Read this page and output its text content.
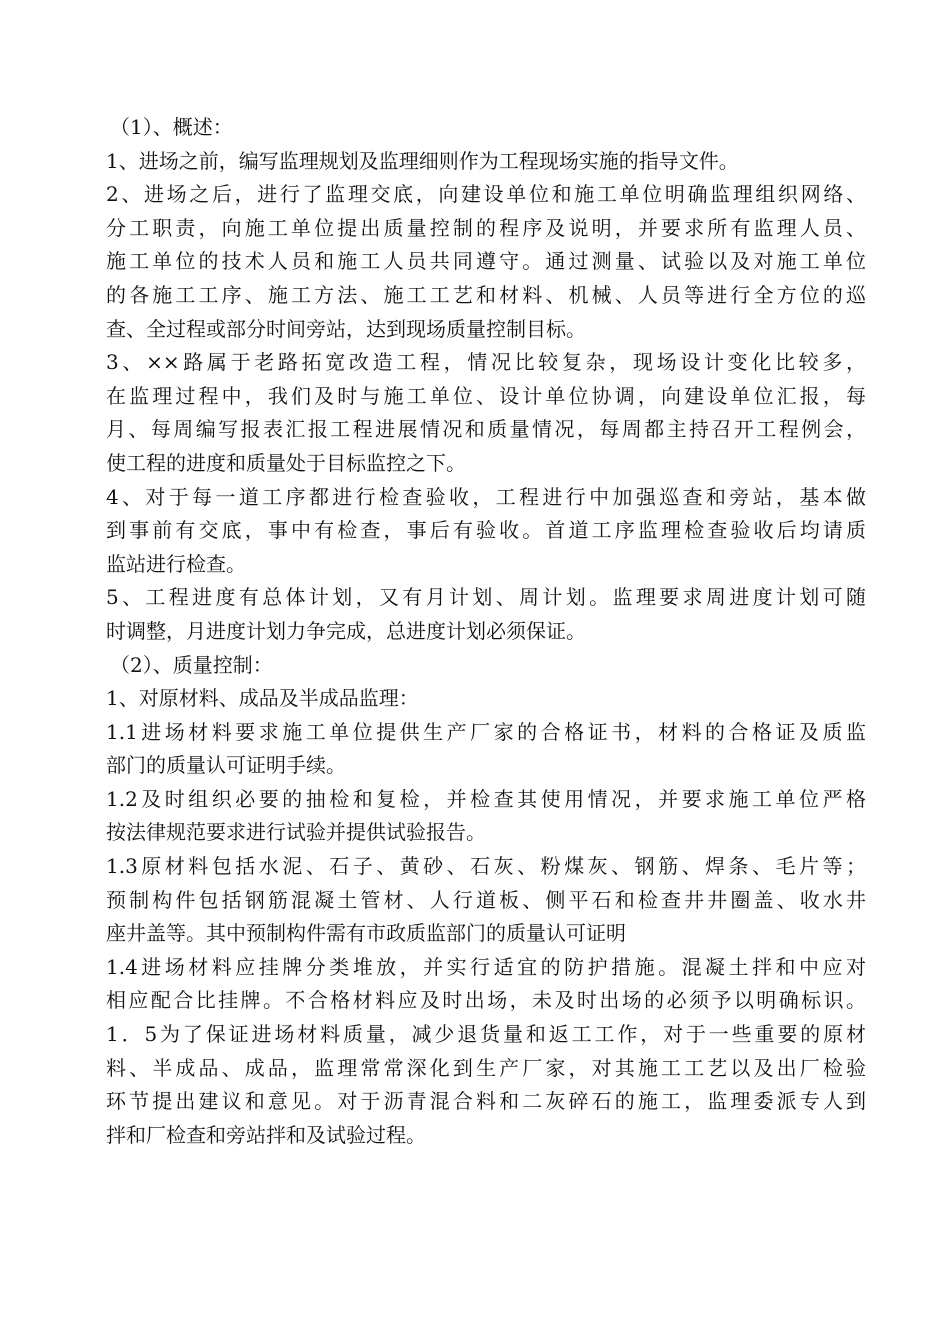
（1）、概述：
1、进场之前，编写监理规划及监理细则作为工程现场实施的指导文件。
2、进场之后，进行了监理交底，向建设单位和施工单位明确监理组织网络、
分工职责，向施工单位提出质量控制的程序及说明，并要求所有监理人员、
施工单位的技术人员和施工人员共同遵守。通过测量、试验以及对施工单位
的各施工工序、施工方法、施工工艺和材料、机械、人员等进行全方位的巡
查、全过程或部分时间旁站，达到现场质量控制目标。
3、××路属于老路拓宽改造工程，情况比较复杂，现场设计变化比较多，
在监理过程中，我们及时与施工单位、设计单位协调，向建设单位汇报，每
月、每周编写报表汇报工程进展情况和质量情况，每周都主持召开工程例会，
使工程的进度和质量处于目标监控之下。
4、对于每一道工序都进行检查验收，工程进行中加强巡查和旁站，基本做
到事前有交底，事中有检查，事后有验收。首道工序监理检查验收后均请质
监站进行检查。
5、工程进度有总体计划，又有月计划、周计划。监理要求周进度计划可随
时调整，月进度计划力争完成，总进度计划必须保证。
（2）、质量控制：
1、对原材料、成品及半成品监理：
1.1进场材料要求施工单位提供生产厂家的合格证书，材料的合格证及质监
部门的质量认可证明手续。
1.2及时组织必要的抽检和复检，并检查其使用情况，并要求施工单位严格
按法律规范要求进行试验并提供试验报告。
1.3原材料包括水泥、石子、黄砂、石灰、粉煤灰、钢筋、焊条、毛片等；
预制构件包括钢筋混凝土管材、人行道板、侧平石和检查井井圈盖、收水井
座井盖等。其中预制构件需有市政质监部门的质量认可证明
1.4进场材料应挂牌分类堆放，并实行适宜的防护措施。混凝土拌和中应对
相应配合比挂牌。不合格材料应及时出场，未及时出场的必须予以明确标识。
1．5为了保证进场材料质量，减少退货量和返工工作，对于一些重要的原材
料、半成品、成品，监理常常深化到生产厂家，对其施工工艺以及出厂检验
环节提出建议和意见。对于沥青混合料和二灰碎石的施工，监理委派专人到
拌和厂检查和旁站拌和及试验过程。
